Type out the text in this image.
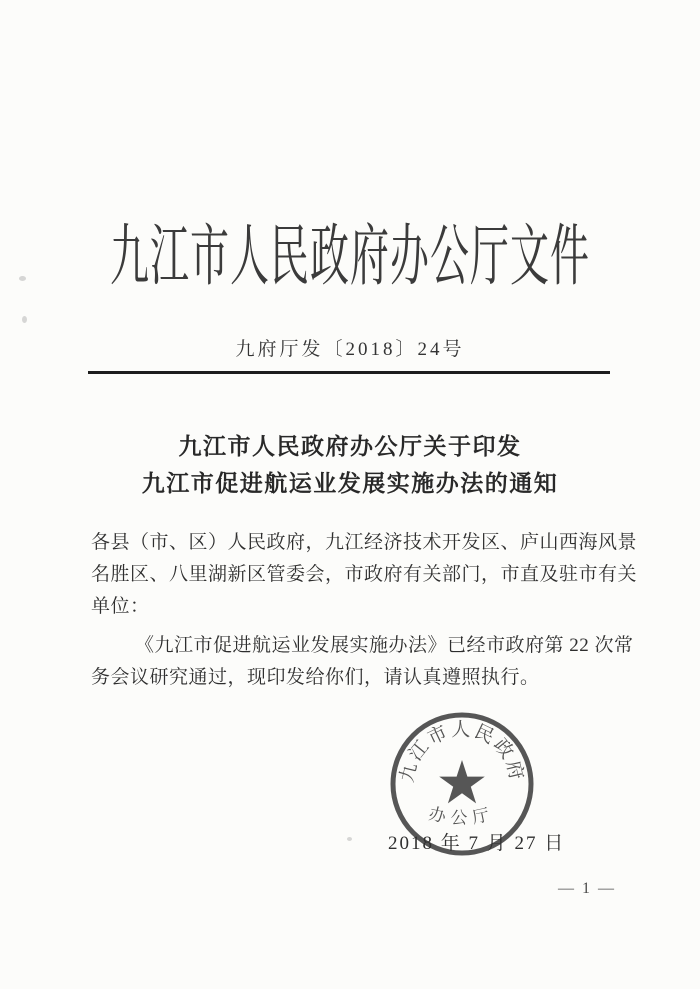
九江市人民政府办公厅文件
九府厅发〔2018〕24号
九江市人民政府办公厅关于印发
九江市促进航运业发展实施办法的通知
各县（市、区）人民政府，九江经济技术开发区、庐山西海风景
名胜区、八里湖新区管委会，市政府有关部门，市直及驻市有关
单位：
《九江市促进航运业发展实施办法》已经市政府第 22 次常
务会议研究通过，现印发给你们，请认真遵照执行。
九江市人民政府
办公厅
2018 年 7 月 27 日
— 1 —
